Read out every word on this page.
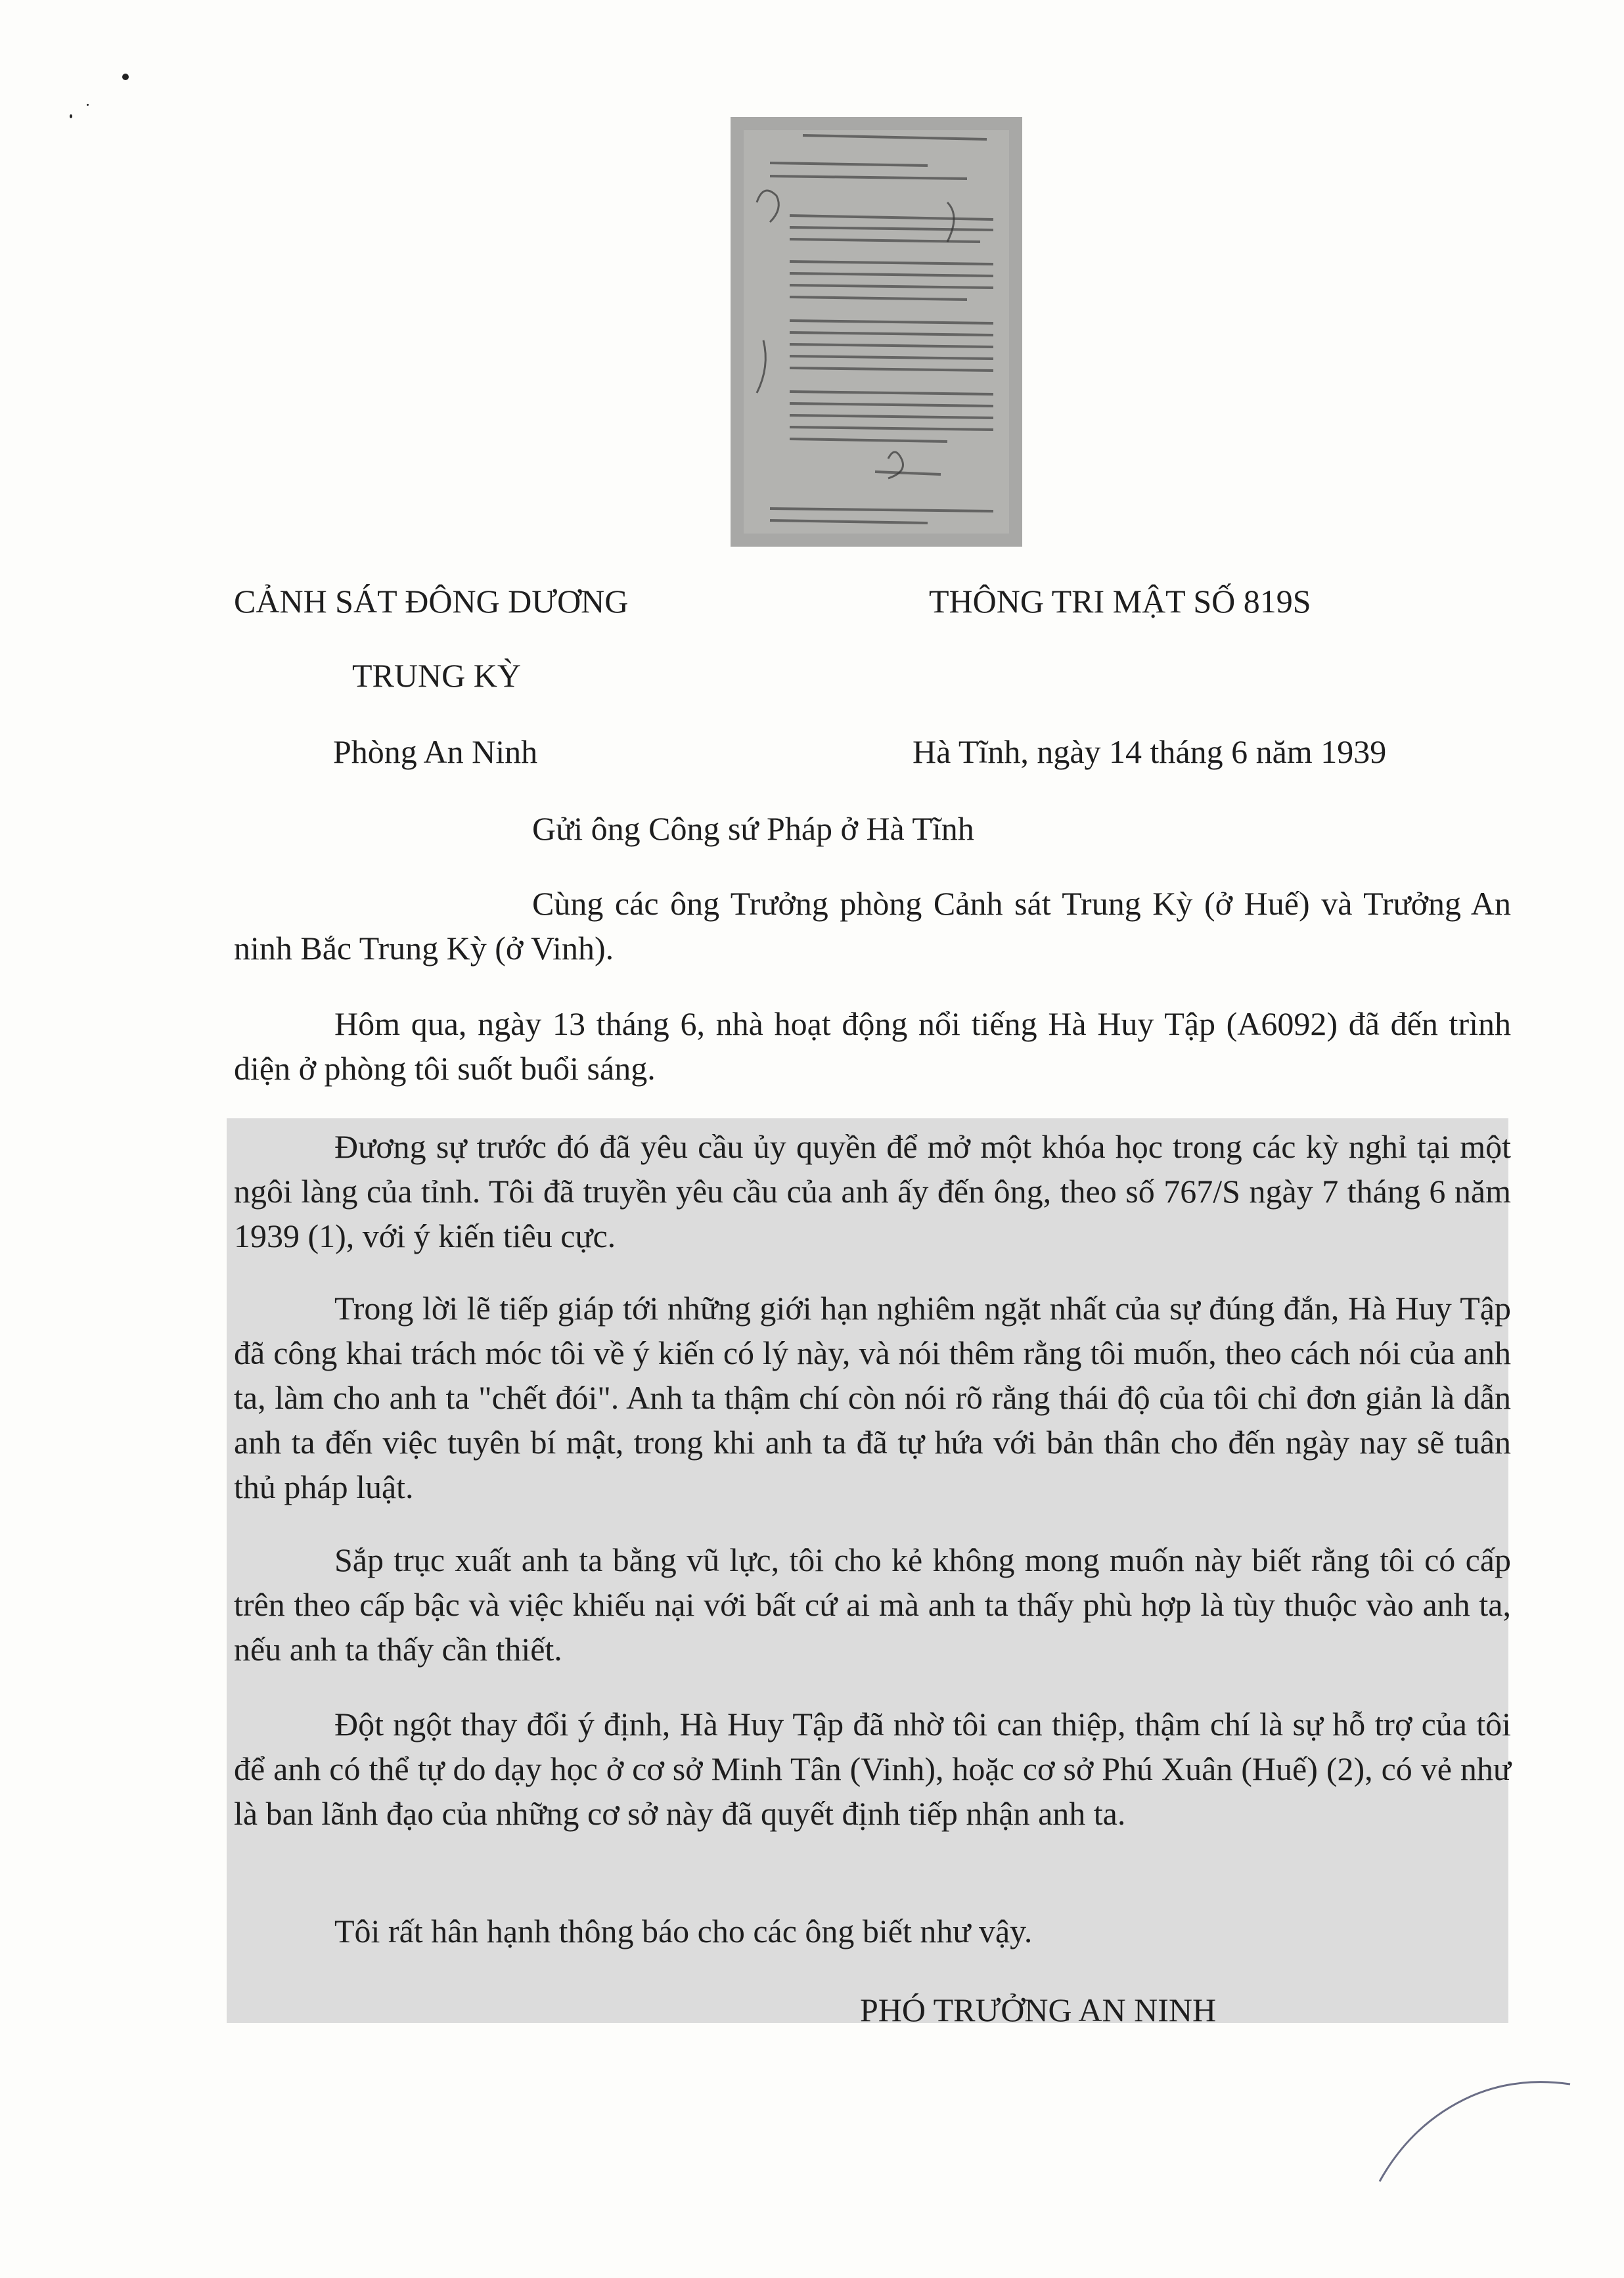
CẢNH SÁT ĐÔNG DƯƠNG
TRUNG KỲ
Phòng An Ninh
THÔNG TRI MẬT SỐ 819S
Hà Tĩnh, ngày 14 tháng 6 năm 1939
Gửi ông Công sứ Pháp ở Hà Tĩnh
Cùng các ông Trưởng phòng Cảnh sát Trung Kỳ (ở Huế) và Trưởng An ninh Bắc Trung Kỳ (ở Vinh).
Hôm qua, ngày 13 tháng 6, nhà hoạt động nổi tiếng Hà Huy Tập (A6092) đã đến trình diện ở phòng tôi suốt buổi sáng.
Đương sự trước đó đã yêu cầu ủy quyền để mở một khóa học trong các kỳ nghỉ tại một ngôi làng của tỉnh. Tôi đã truyền yêu cầu của anh ấy đến ông, theo số 767/S ngày 7 tháng 6 năm 1939 (1), với ý kiến tiêu cực.
Trong lời lẽ tiếp giáp tới những giới hạn nghiêm ngặt nhất của sự đúng đắn, Hà Huy Tập đã công khai trách móc tôi về ý kiến có lý này, và nói thêm rằng tôi muốn, theo cách nói của anh ta, làm cho anh ta "chết đói". Anh ta thậm chí còn nói rõ rằng thái độ của tôi chỉ đơn giản là dẫn anh ta đến việc tuyên bí mật, trong khi anh ta đã tự hứa với bản thân cho đến ngày nay sẽ tuân thủ pháp luật.
Sắp trục xuất anh ta bằng vũ lực, tôi cho kẻ không mong muốn này biết rằng tôi có cấp trên theo cấp bậc và việc khiếu nại với bất cứ ai mà anh ta thấy phù hợp là tùy thuộc vào anh ta, nếu anh ta thấy cần thiết.
Đột ngột thay đổi ý định, Hà Huy Tập đã nhờ tôi can thiệp, thậm chí là sự hỗ trợ của tôi để anh có thể tự do dạy học ở cơ sở Minh Tân (Vinh), hoặc cơ sở Phú Xuân (Huế) (2), có vẻ như là ban lãnh đạo của những cơ sở này đã quyết định tiếp nhận anh ta.
Tôi rất hân hạnh thông báo cho các ông biết như vậy.
PHÓ TRƯỞNG AN NINH
